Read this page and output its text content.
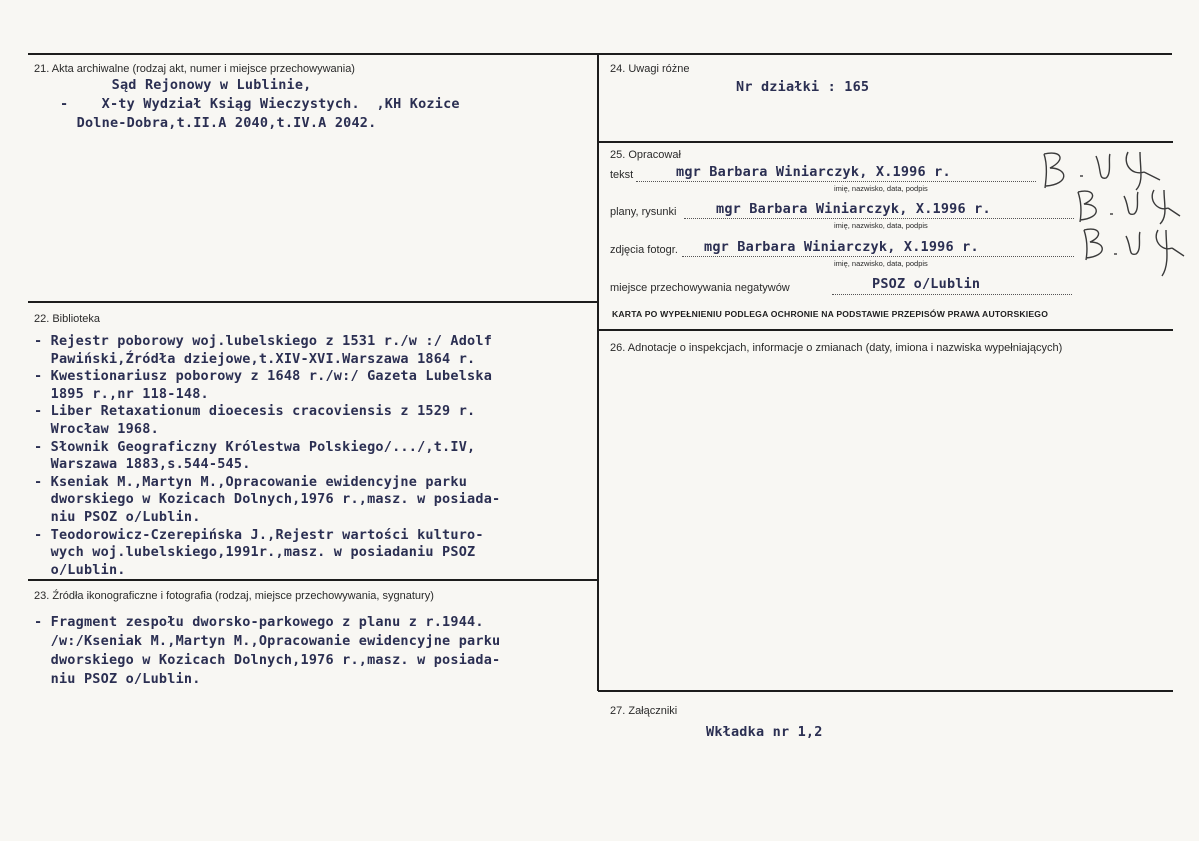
21. Akta archiwalne (rodzaj akt, numer i miejsce przechowywania)
Sąd Rejonowy w Lublinie,
-    X-ty Wydział Ksiąg Wieczystych.  ,KH Kozice
Dolne-Dobra,t.II.A 2040,t.IV.A 2042.
22. Biblioteka
- Rejestr poborowy woj.lubelskiego z 1531 r./w :/ Adolf
Pawiński,Źródła dziejowe,t.XIV-XVI.Warszawa 1864 r.
- Kwestionariusz poborowy z 1648 r./w:/ Gazeta Lubelska
1895 r.,nr 118-148.
- Liber Retaxationum dioecesis cracoviensis z 1529 r.
Wrocław 1968.
- Słownik Geograficzny Królestwa Polskiego/.../,t.IV,
Warszawa 1883,s.544-545.
- Kseniak M.,Martyn M.,Opracowanie ewidencyjne parku
dworskiego w Kozicach Dolnych,1976 r.,masz. w posiada-
niu PSOZ o/Lublin.
- Teodorowicz-Czerepińska J.,Rejestr wartości kulturo-
wych woj.lubelskiego,1991r.,masz. w posiadaniu PSOZ
o/Lublin.
23. Źródła ikonograficzne i fotografia (rodzaj, miejsce przechowywania, sygnatury)
- Fragment zespołu dworsko-parkowego z planu z r.1944.
/w:/Kseniak M.,Martyn M.,Opracowanie ewidencyjne parku
dworskiego w Kozicach Dolnych,1976 r.,masz. w posiada-
niu PSOZ o/Lublin.
24. Uwagi różne
Nr działki : 165
25. Opracował
tekst	mgr Barbara Winiarczyk, X.1996 r.
imię, nazwisko, data, podpis
plany, rysunki	mgr Barbara Winiarczyk, X.1996 r.
imię, nazwisko, data, podpis
zdjęcia fotogr. mgr Barbara Winiarczyk, X.1996 r.
imię, nazwisko, data, podpis
miejsce przechowywania negatywów	PSOZ o/Lublin
KARTA PO WYPEŁNIENIU PODLEGA OCHRONIE NA PODSTAWIE PRZEPISÓW PRAWA AUTORSKIEGO
26. Adnotacje o inspekcjach, informacje o zmianach (daty, imiona i nazwiska wypełniających)
27. Załączniki
Wkładka nr 1,2
